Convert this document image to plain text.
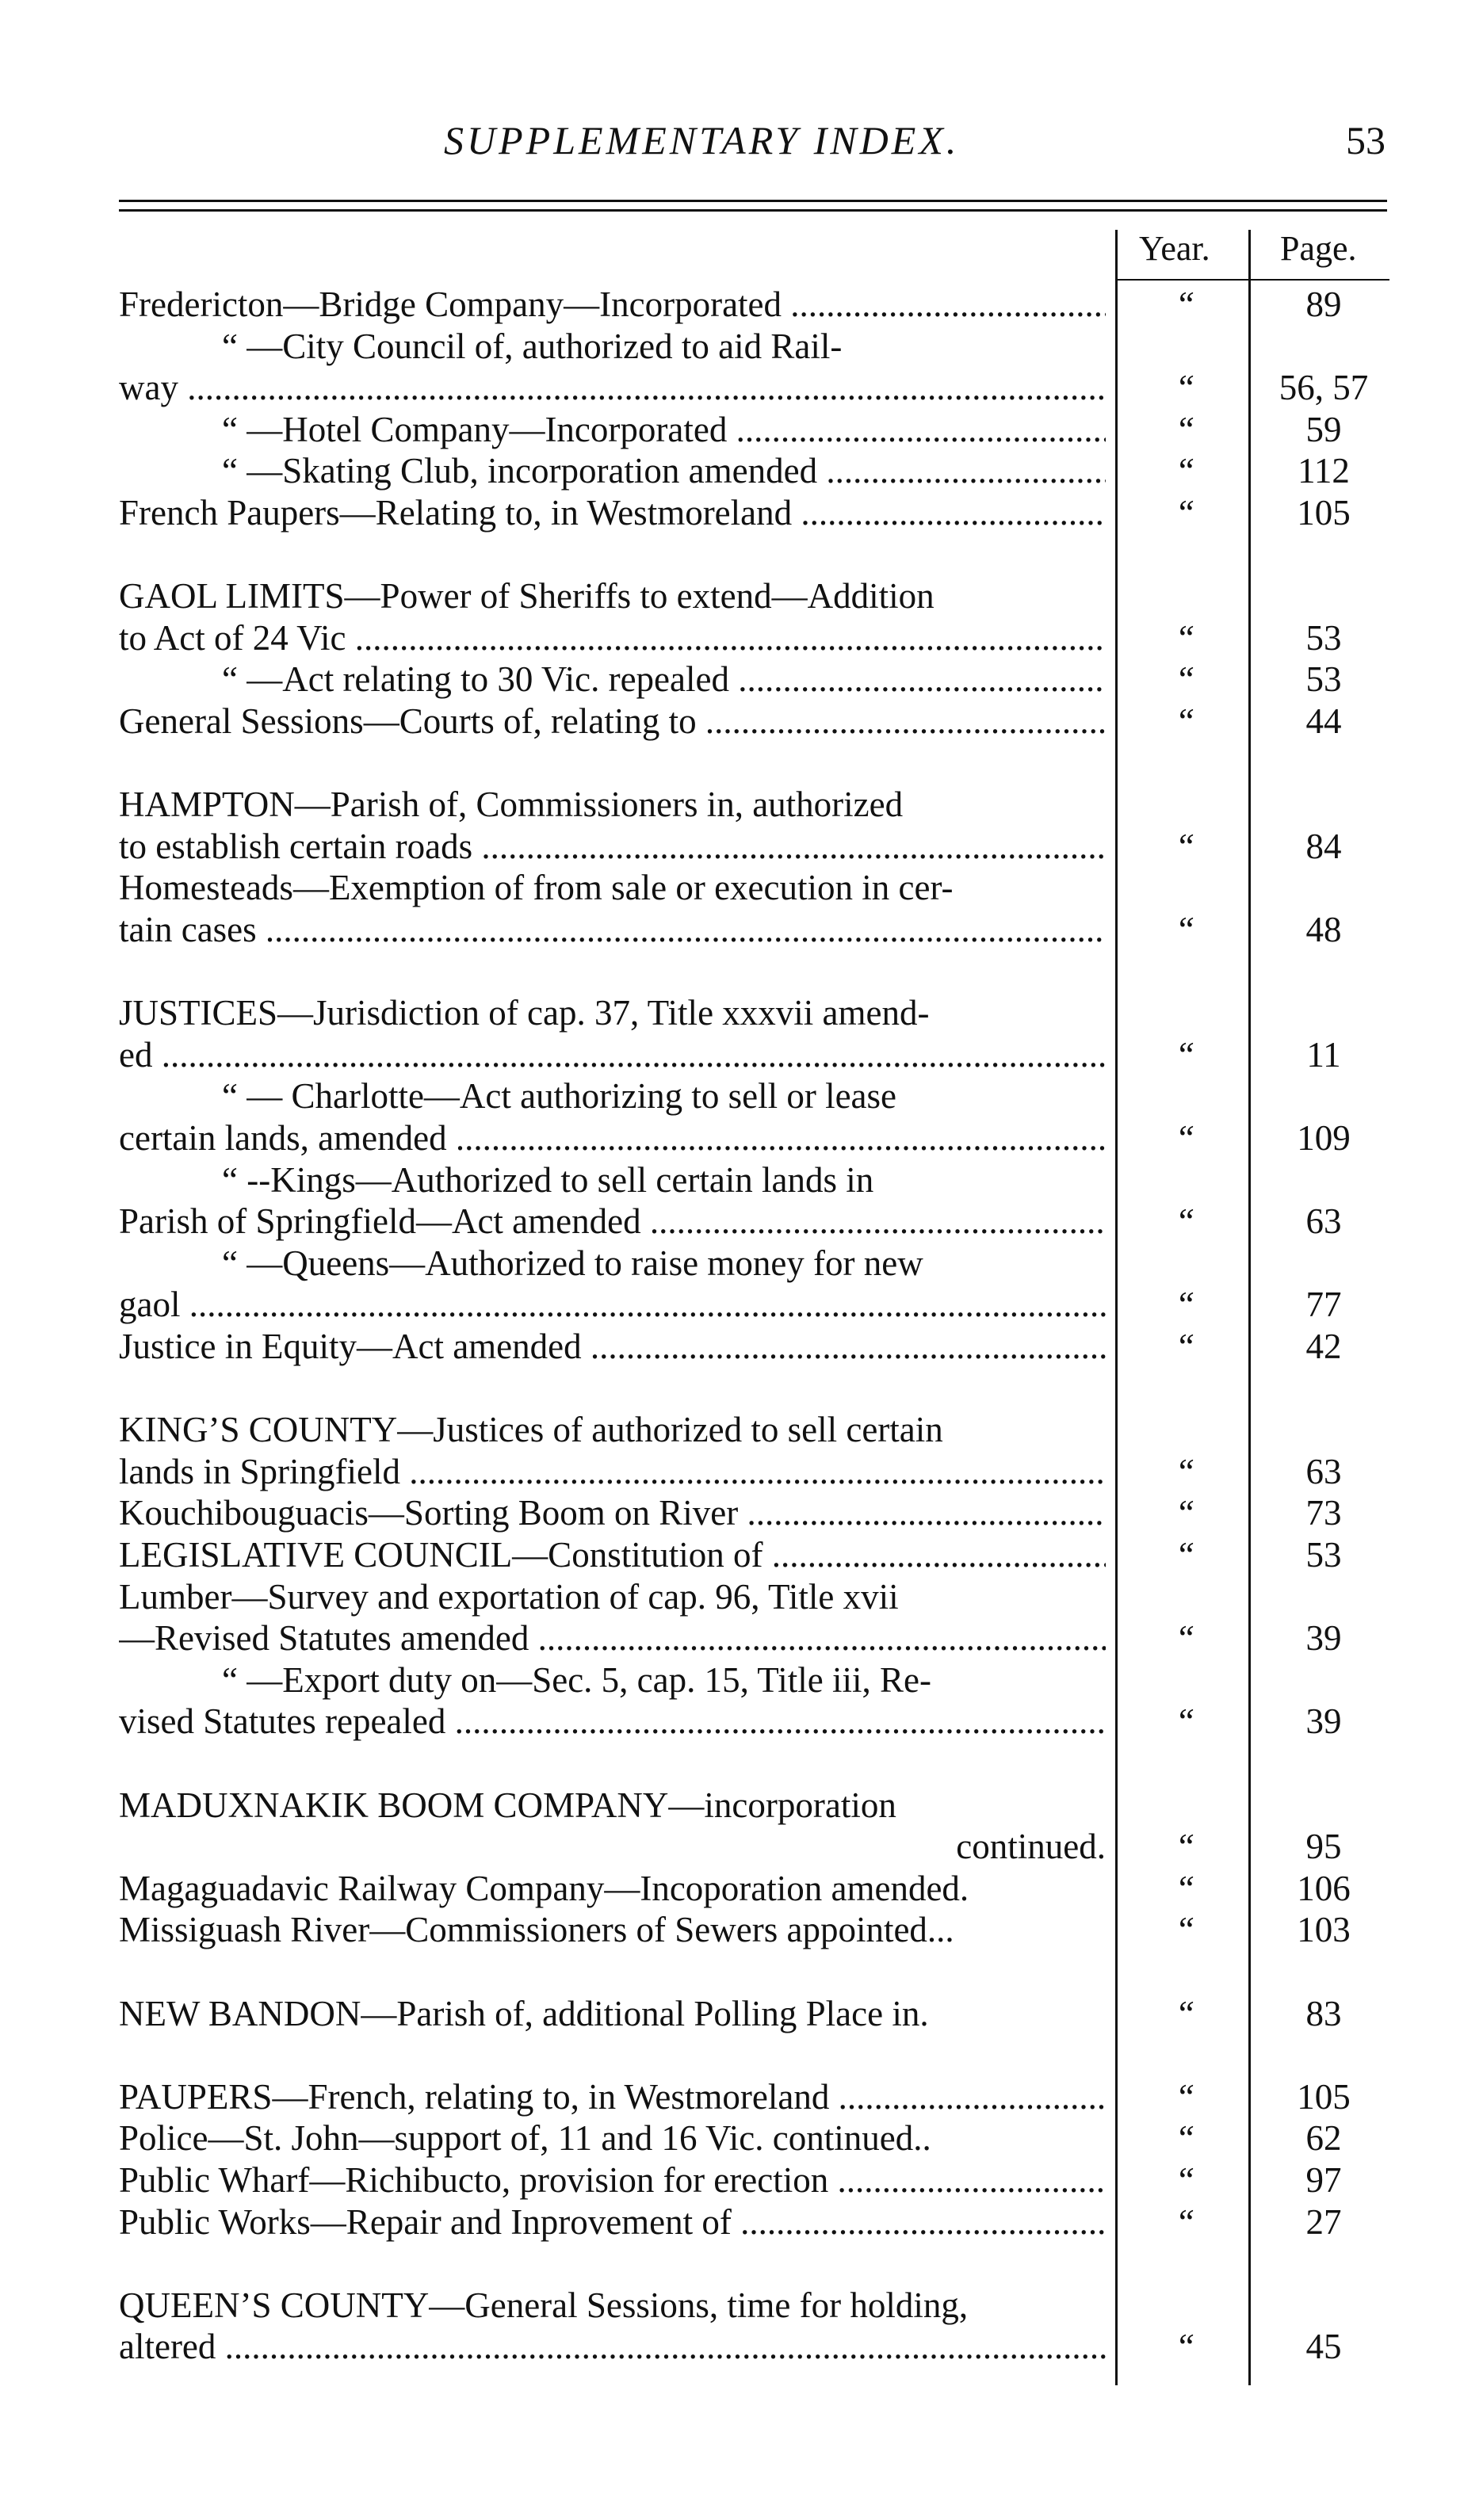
SUPPLEMENTARY INDEX.	53
Year. Page.
Fredericton—Bridge Company—Incorporated .....	“	89
“ —City Council of, authorized to aid Rail-
way .....	“	56, 57
“ —Hotel Company—Incorporated .....	“	59
“ —Skating Club, incorporation amended .....	“	112
French Paupers—Relating to, in Westmoreland .....	“	105
GAOL LIMITS—Power of Sheriffs to extend—Addition
to Act of 24 Vic .....	“	53
“ —Act relating to 30 Vic. repealed .....	“	53
General Sessions—Courts of, relating to .....	“	44
HAMPTON—Parish of, Commissioners in, authorized
to establish certain roads .....	“	84
Homesteads—Exemption of from sale or execution in cer-
tain cases .....	“	48
JUSTICES—Jurisdiction of cap. 37, Title xxxvii amend-
ed .....	“	11
“ — Charlotte—Act authorizing to sell or lease
certain lands, amended .....	“	109
“ --Kings—Authorized to sell certain lands in
Parish of Springfield—Act amended .....	“	63
“ —Queens—Authorized to raise money for new
gaol .....	“	77
Justice in Equity—Act amended .....	“	42
KING’S COUNTY—Justices of authorized to sell certain
lands in Springfield .....	“	63
Kouchibouguacis—Sorting Boom on River .....	“	73
LEGISLATIVE COUNCIL—Constitution of .....	“	53
Lumber—Survey and exportation of cap. 96, Title xvii
—Revised Statutes amended .....	“	39
“ —Export duty on—Sec. 5, cap. 15, Title iii, Re-
vised Statutes repealed .....	“	39
MADUXNAKIK BOOM COMPANY—incorporation
continued.	“	95
Magaguadavic Railway Company—Incoporation amended.	“	106
Missiguash River—Commissioners of Sewers appointed...	“	103
NEW BANDON—Parish of, additional Polling Place in.	“	83
PAUPERS—French, relating to, in Westmoreland .....	“	105
Police—St. John—support of, 11 and 16 Vic. continued..	“	62
Public Wharf—Richibucto, provision for erection .....	“	97
Public Works—Repair and Inprovement of .....	“	27
QUEEN’S COUNTY—General Sessions, time for holding,
altered .....	“	45
